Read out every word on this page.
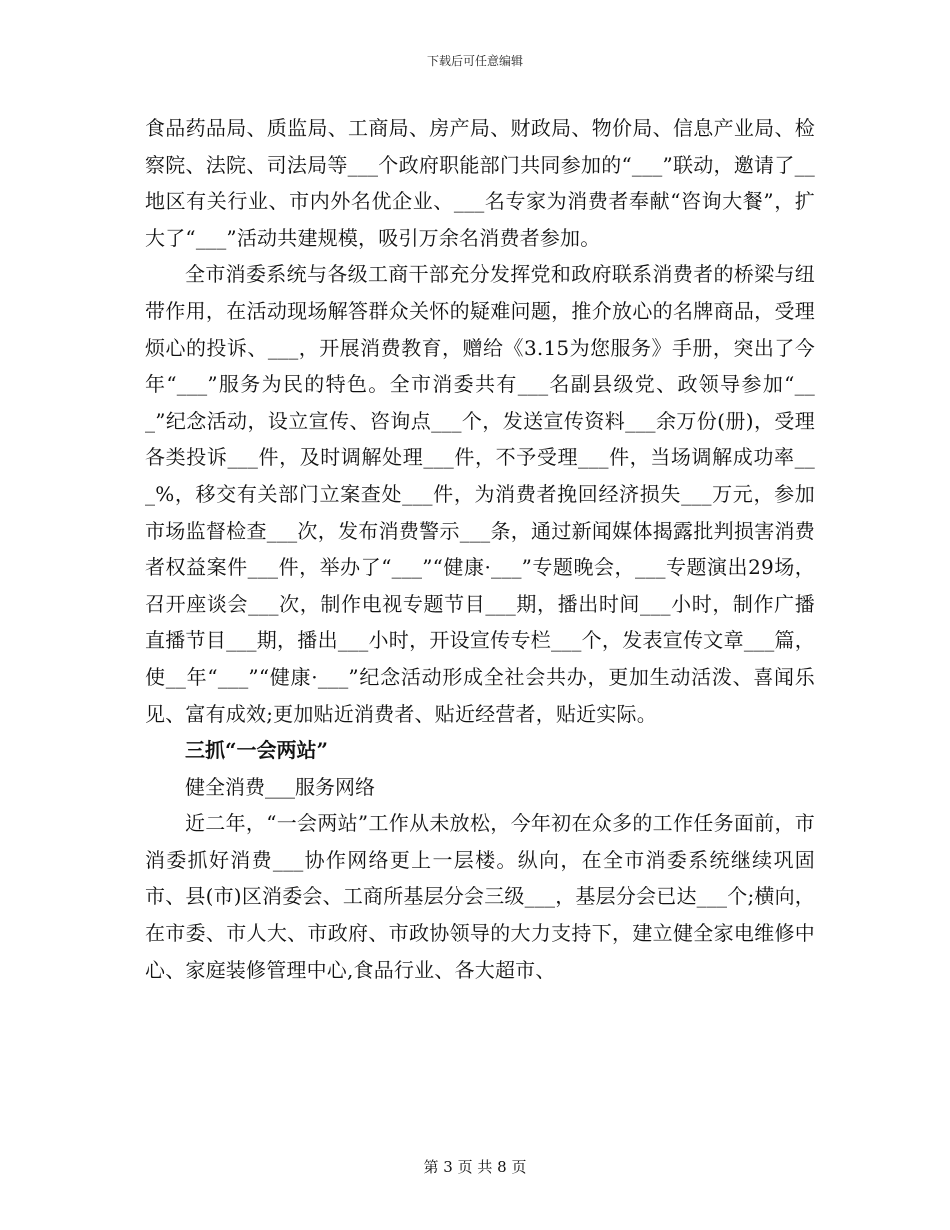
下载后可任意编辑

食品药品局、质监局、工商局、房产局、财政局、物价局、信息产业局、检察院、法院、司法局等___个政府职能部门共同参加的“___”联动，邀请了__地区有关行业、市内外名优企业、___名专家为消费者奉献“咨询大餐”，扩大了“___”活动共建规模，吸引万余名消费者参加。

全市消委系统与各级工商干部充分发挥党和政府联系消费者的桥梁与纽带作用，在活动现场解答群众关怀的疑难问题，推介放心的名牌商品，受理烦心的投诉、___，开展消费教育，赠给《3.15为您服务》手册，突出了今年“___”服务为民的特色。全市消委共有___名副县级党、政领导参加“___”纪念活动，设立宣传、咨询点___个，发送宣传资料___余万份(册)，受理各类投诉___件，及时调解处理___件，不予受理___件，当场调解成功率___%，移交有关部门立案查处___件，为消费者挽回经济损失___万元，参加市场监督检查___次，发布消费警示___条，通过新闻媒体揭露批判损害消费者权益案件___件，举办了“___”“健康·___”专题晚会，___专题演出29场，召开座谈会___次，制作电视专题节目___期，播出时间___小时，制作广播直播节目___期，播出___小时，开设宣传专栏___个，发表宣传文章___篇，使__年“___”“健康·___”纪念活动形成全社会共办，更加生动活泼、喜闻乐见、富有成效;更加贴近消费者、贴近经营者，贴近实际。

三抓“一会两站”

健全消费___服务网络

近二年，“一会两站”工作从未放松，今年初在众多的工作任务面前，市消委抓好消费___协作网络更上一层楼。纵向，在全市消委系统继续巩固市、县(市)区消委会、工商所基层分会三级___，基层分会已达___个;横向，在市委、市人大、市政府、市政协领导的大力支持下，建立健全家电维修中心、家庭装修管理中心,食品行业、各大超市、

第 3 页 共 8 页
